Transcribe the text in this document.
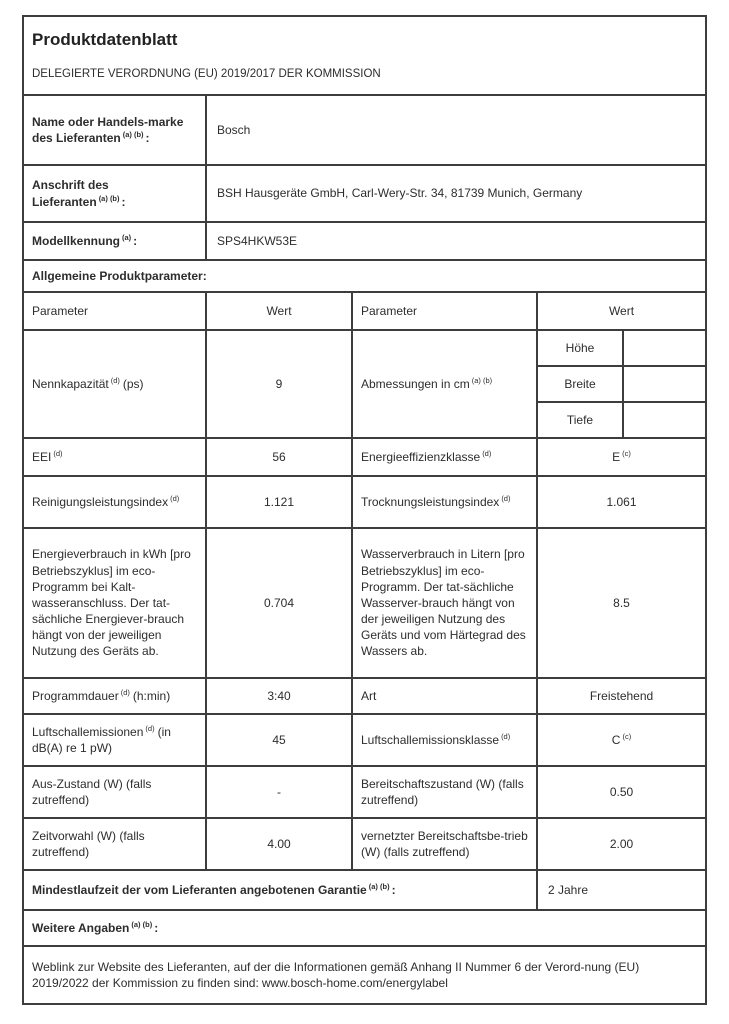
Produktdatenblatt

DELEGIERTE VERORDNUNG (EU) 2019/2017 DER KOMMISSION				

Name oder Handels-marke des Lieferanten $^{(a) (b)}$ :	Bosch			
Anschrift des Lieferanten $^{(a) (b)}$ :	BSH Hausgeräte GmbH, Carl-Wery-Str. 34, 81739 Munich, Germany			
Modellkennung $^{(a)}$ :	SPS4HKW53E			
Allgemeine Produktparameter:				
Parameter	Wert	Parameter	Wert	
Nennkapazität $^{(d)}$ (ps)	9	Abmessungen in cm $^{(a) (b)}$	Höhe	
			Breite	
			Tiefe	
EEI $^{(d)}$	56	Energieeffizienzklasse $^{(d)}$	E $^{(c)}$
Reinigungsleistungsindex $^{(d)}$	1.121	Trocknungsleistungsindex $^{(d)}$	1.061	
Energieverbrauch in kWh [pro Betriebszyklus] im eco-Programm bei Kalt-wasseranschluss. Der tat-sächliche Energiever-brauch hängt von der jeweiligen Nutzung des Geräts ab.	0.704	Wasserverbrauch in Litern [pro Betriebszyklus] im eco-Programm. Der tat-sächliche Wasserver-brauch hängt von der jeweiligen Nutzung des Geräts und vom Härtegrad des Wassers ab.	8.5	
Programmdauer $^{(d)}$ (h:min)	3:40	Art	Freistehend	
Luftschallemissionen $^{(d)}$ (in dB(A) re 1 pW)	45	Luftschallemissionsklasse $^{(d)}$	C $^{(c)}$
Aus-Zustand (W) (falls zutreffend)	-	Bereitschaftszustand (W) (falls zutreffend)	0.50	
Zeitvorwahl (W) (falls zutreffend)	4.00	vernetzter Bereitschaftsbe-trieb (W) (falls zutreffend)	2.00	
Mindestlaufzeit der vom Lieferanten angebotenen Garantie $^{(a) (b)}$ :			2 Jahre	
Weitere Angaben $^{(a) (b)}$ :				
Weblink zur Website des Lieferanten, auf der die Informationen gemäß Anhang II Nummer 6 der Verord-nung (EU) 2019/2022 der Kommission zu finden sind: www.bosch-home.com/energylabel				
